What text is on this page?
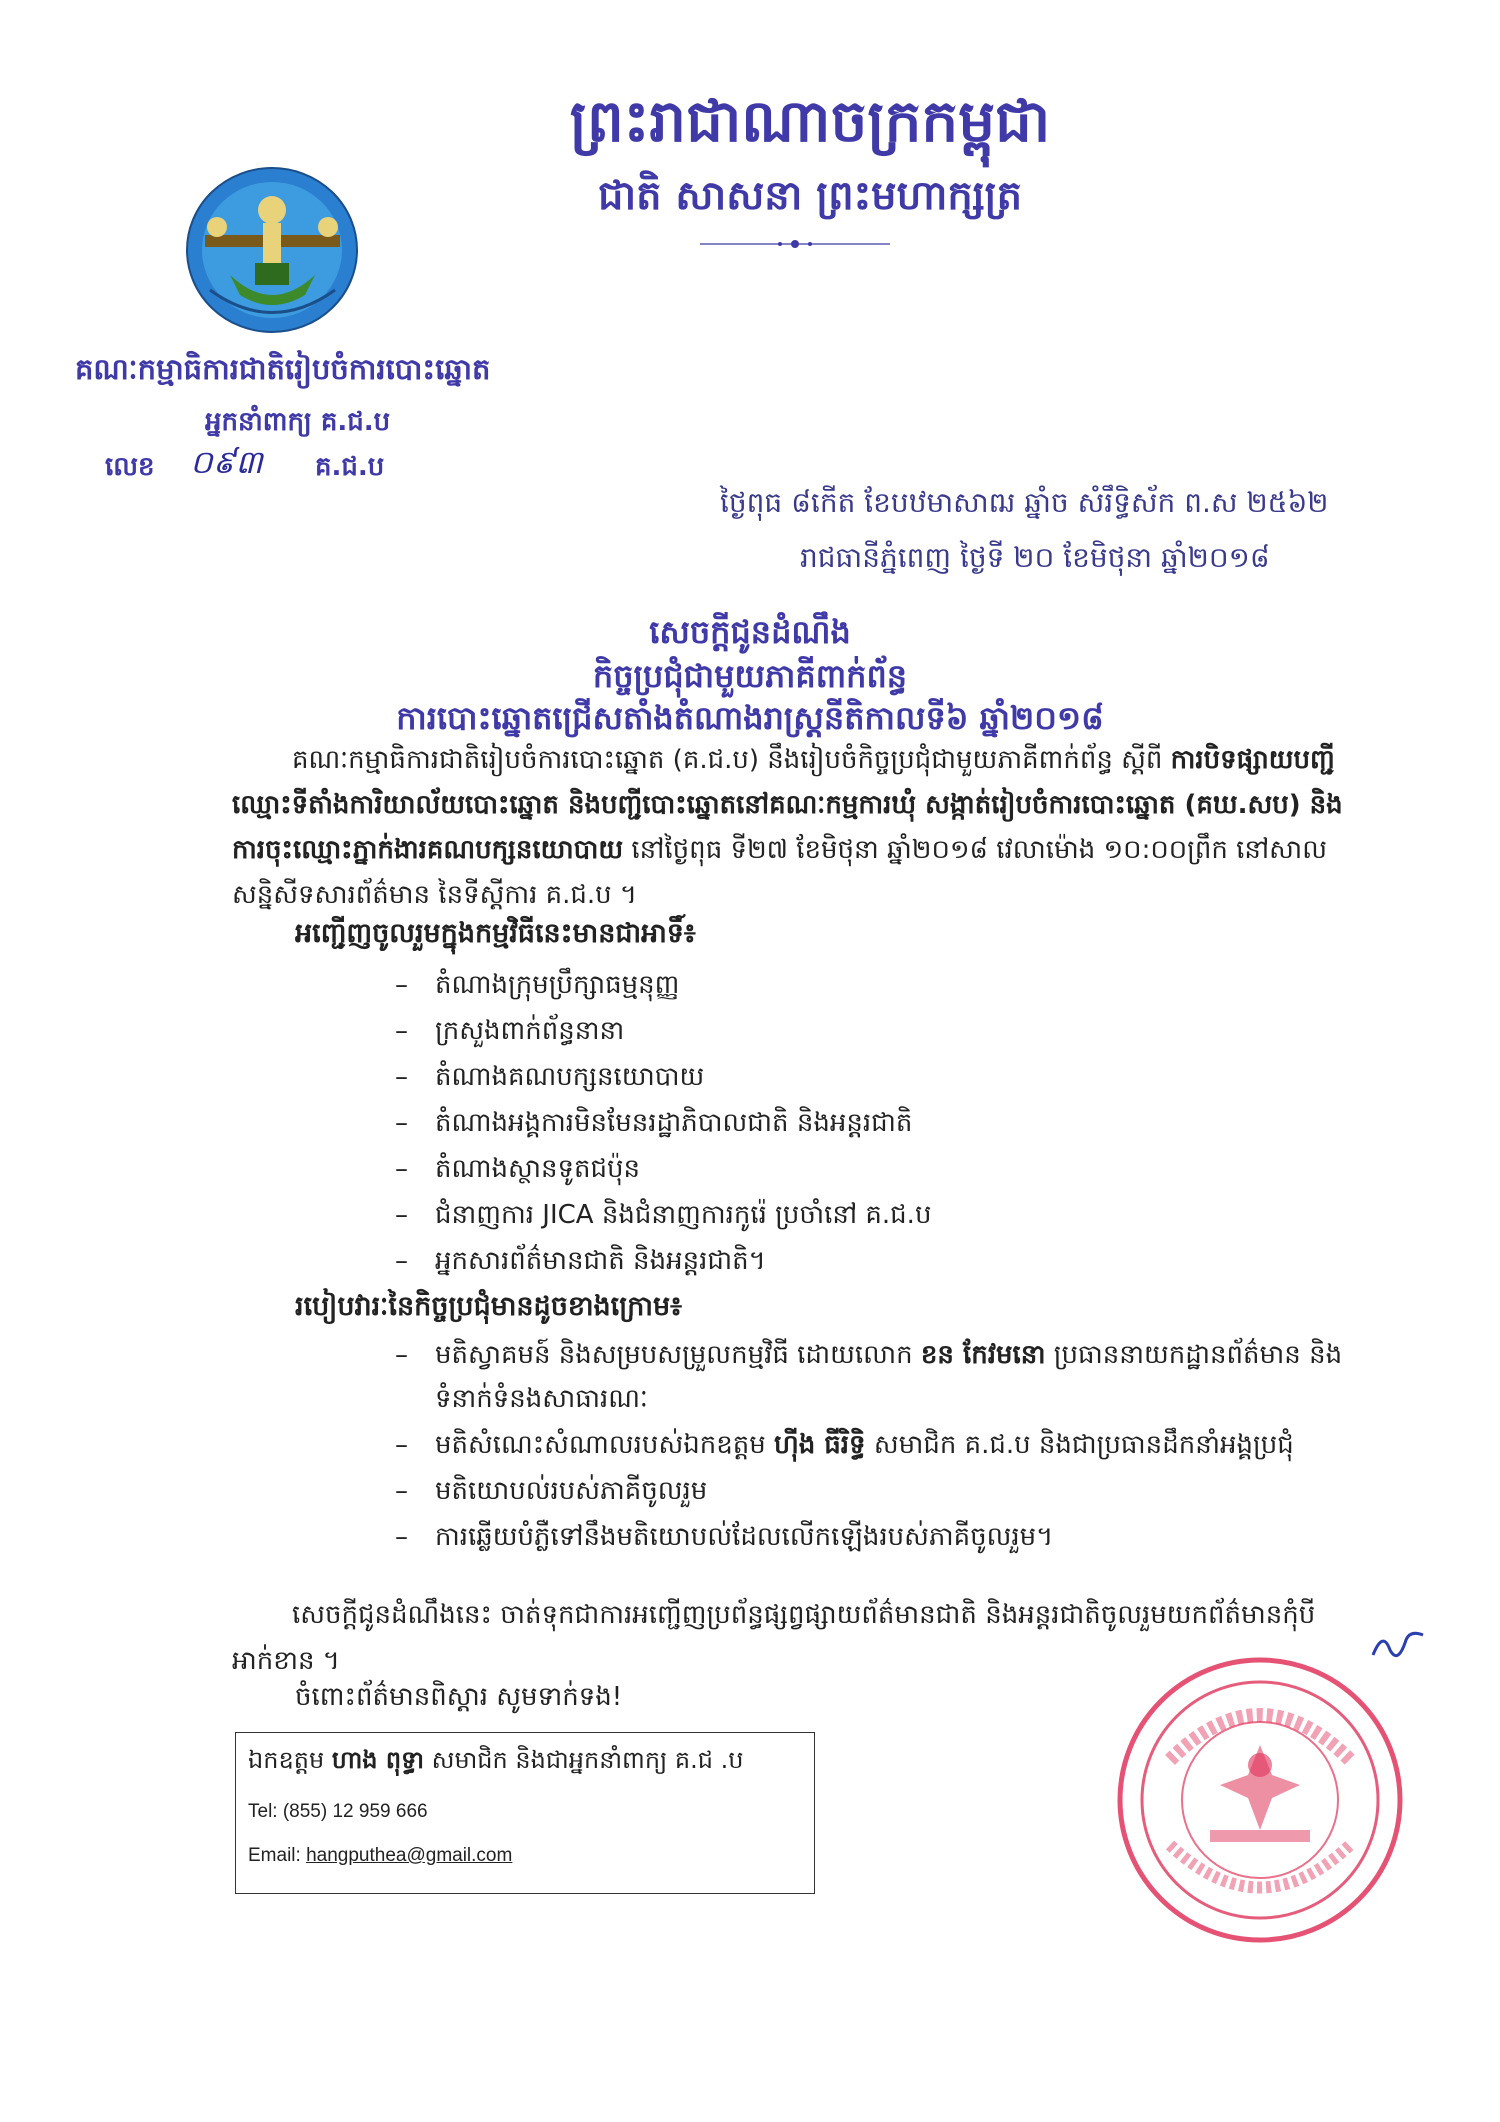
ព្រះរាជាណាចក្រកម្ពុជា
ជាតិ សាសនា ព្រះមហាក្សត្រ
គណៈកម្មាធិការជាតិរៀបចំការបោះឆ្នោត
អ្នកនាំពាក្យ គ.ជ.ប
លេខ ០៩៣ គ.ជ.ប
ថ្ងៃពុធ ៨កើត ខែបឋមាសាឍ ឆ្នាំច សំរឹទ្ធិស័ក ព.ស ២៥៦២
រាជធានីភ្នំពេញ ថ្ងៃទី ២០ ខែមិថុនា ឆ្នាំ២០១៨
សេចក្តីជូនដំណឹង
កិច្ចប្រជុំជាមួយភាគីពាក់ព័ន្ធ
ការបោះឆ្នោតជ្រើសតាំងតំណាងរាស្ត្រនីតិកាលទី៦ ឆ្នាំ២០១៨
គណៈកម្មាធិការជាតិរៀបចំការបោះឆ្នោត (គ.ជ.ប) នឹងរៀបចំកិច្ចប្រជុំជាមួយភាគីពាក់ព័ន្ធ ស្តីពី ការបិទផ្សាយបញ្ជីឈ្មោះទីតាំងការិយាល័យបោះឆ្នោត និងបញ្ជីបោះឆ្នោតនៅគណៈកម្មការឃុំ សង្កាត់រៀបចំការបោះឆ្នោត (គឃ.សប) និងការចុះឈ្មោះភ្នាក់ងារគណបក្សនយោបាយ នៅថ្ងៃពុធ ទី២៧ ខែមិថុនា ឆ្នាំ២០១៨ វេលាម៉ោង ១០:០០ព្រឹក នៅសាលសន្និសីទសារព័ត៌មាន នៃទីស្តីការ គ.ជ.ប ។
អញ្ជើញចូលរួមក្នុងកម្មវិធីនេះមានជាអាទិ៍៖
– តំណាងក្រុមប្រឹក្សាធម្មនុញ្ញ
– ក្រសួងពាក់ព័ន្ធនានា
– តំណាងគណបក្សនយោបាយ
– តំណាងអង្គការមិនមែនរដ្ឋាភិបាលជាតិ និងអន្តរជាតិ
– តំណាងស្ថានទូតជប៉ុន
– ជំនាញការ JICA និងជំនាញការកូរ៉េ ប្រចាំនៅ គ.ជ.ប
– អ្នកសារព័ត៌មានជាតិ និងអន្តរជាតិ។
របៀបវារៈនៃកិច្ចប្រជុំមានដូចខាងក្រោម៖
– មតិស្វាគមន៍ និងសម្របសម្រួលកម្មវិធី ដោយលោក ខន កែវមនោ ប្រធាននាយកដ្ឋានព័ត៌មាន និងទំនាក់ទំនងសាធារណៈ
– មតិសំណេះសំណាលរបស់ឯកឧត្តម ហ៊ីង ធីរិទ្ធិ សមាជិក គ.ជ.ប និងជាប្រធានដឹកនាំអង្គប្រជុំ
– មតិយោបល់របស់ភាគីចូលរួម
– ការឆ្លើយបំភ្លឺទៅនឹងមតិយោបល់ដែលលើកឡើងរបស់ភាគីចូលរួម។
សេចក្តីជូនដំណឹងនេះ ចាត់ទុកជាការអញ្ជើញប្រព័ន្ធផ្សព្វផ្សាយព័ត៌មានជាតិ និងអន្តរជាតិចូលរួមយកព័ត៌មានកុំបីអាក់ខាន ។
ចំពោះព័ត៌មានពិស្តារ សូមទាក់ទង!
ឯកឧត្តម ហាង ពុទ្ធា សមាជិក និងជាអ្នកនាំពាក្យ គ.ជ .ប
Tel: (855) 12 959 666
Email: hangputhea@gmail.com
